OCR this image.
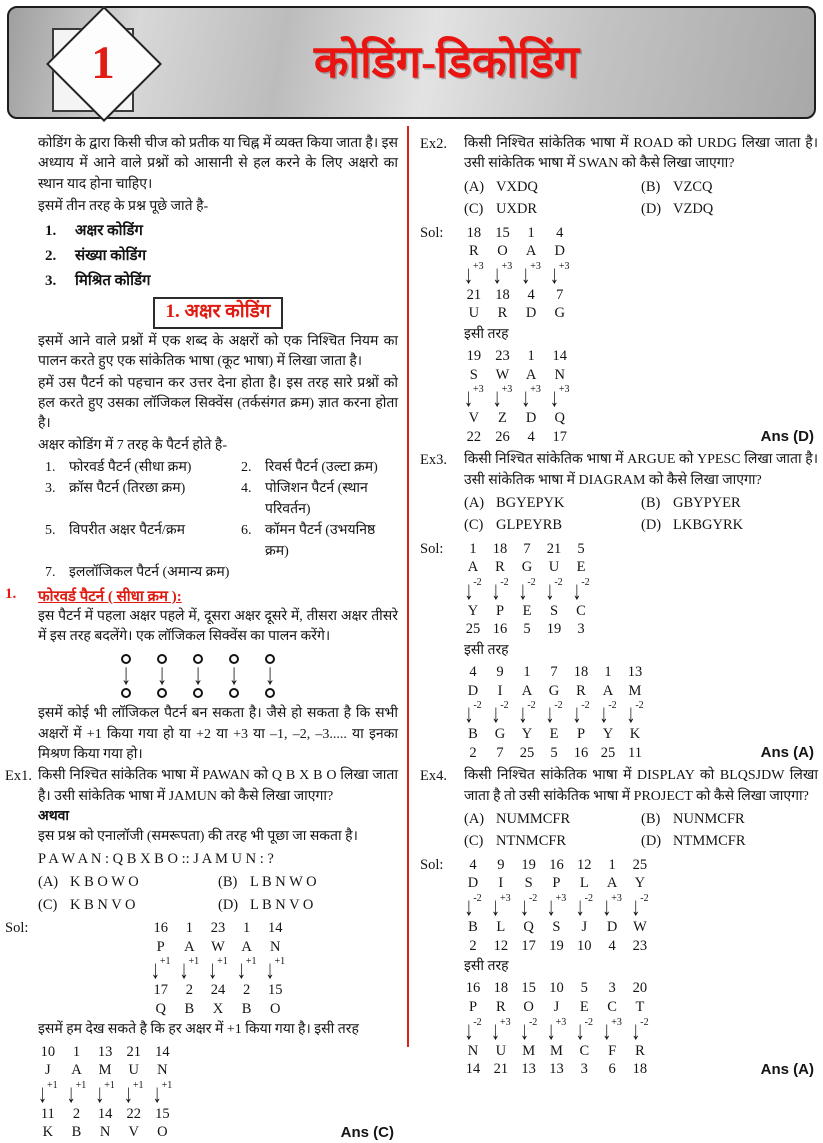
1	कोडिंग-डिकोडिंग
कोडिंग के द्वारा किसी चीज को प्रतीक या चिह्न में व्यक्त किया जाता है। इस अध्याय में आने वाले प्रश्नों को आसानी से हल करने के लिए अक्षरो का स्थान याद होना चाहिए।
इसमें तीन तरह के प्रश्न पूछे जाते है-
1.	अक्षर कोडिंग
2.	संख्या कोडिंग
3.	मिश्रित कोडिंग
1. अक्षर कोडिंग
इसमें आने वाले प्रश्नों में एक शब्द के अक्षरों को एक निश्चित नियम का पालन करते हुए एक सांकेतिक भाषा (कूट भाषा) में लिखा जाता है।
हमें उस पैटर्न को पहचान कर उत्तर देना होता है। इस तरह सारे प्रश्नों को हल करते हुए उसका लॉजिकल सिक्वेंस (तर्कसंगत क्रम) ज्ञात करना होता है।
अक्षर कोडिंग में 7 तरह के पैटर्न होते है-
1. फोरवर्ड पैटर्न (सीधा क्रम)	2. रिवर्स पैटर्न (उल्टा क्रम)
3. क्रॉस पैटर्न (तिरछा क्रम)	4. पोजिशन पैटर्न (स्थान परिवर्तन)
5. विपरीत अक्षर पैटर्न/क्रम	6. कॉमन पैटर्न (उभयनिष्ठ क्रम)
7. इललॉजिकल पैटर्न (अमान्य क्रम)
1.	फोरवर्ड पैटर्न ( सीधा क्रम ):
इस पैटर्न में पहला अक्षर पहले में, दूसरा अक्षर दूसरे में, तीसरा अक्षर तीसरे में इस तरह बदलेंगे। एक लॉजिकल सिक्वेंस का पालन करेंगे।
↓ ↓ ↓ ↓ ↓
इसमें कोई भी लॉजिकल पैटर्न बन सकता है। जैसे हो सकता है कि सभी अक्षरों में +1 किया गया हो या +2 या +3 या –1, –2, –3..... या इनका मिश्रण किया गया हो।
Ex1. किसी निश्चित सांकेतिक भाषा में PAWAN को Q B X B O लिखा जाता है। उसी सांकेतिक भाषा में JAMUN को कैसे लिखा जाएगा?
अथवा
इस प्रश्न को एनालॉजी (समरूपता) की तरह भी पूछा जा सकता है।
P A W A N : Q B X B O :: J A M U N : ?
(A) K B O W O	(B) L B N W O
(C) K B N V O	(D) L B N V O
Sol:	16	1	23	1	14
P	A	W	A	N
↓ +1 ↓ +1 ↓ +1 ↓ +1 ↓ +1
17	2	24	2	15
Q	B	X	B	O
इसमें हम देख सकते है कि हर अक्षर में +1 किया गया है। इसी तरह
10	1	13 21 14
J	A	M	U	N
↓ +1 ↓ +1 ↓ +1 ↓ +1 ↓ +1
11	2	14 22 15
K	B	N	V	O	Ans (C)
Ex2.	किसी निश्चित सांकेतिक भाषा में ROAD को URDG लिखा जाता है। उसी सांकेतिक भाषा में SWAN को कैसे लिखा जाएगा?
(A) VXDQ	(B) VZCQ
(C) UXDR	(D) VZDQ
Sol:	18 15	1	4
R	O	A	D
↓ +3 ↓ +3 ↓ +3 ↓ +3
21 18	4	7
U	R	D	G
इसी तरह
19 23	1	14
S	W	A	N
↓ +3 ↓ +3 ↓ +3 ↓ +3
V	Z	D	Q
22 26	4	17	Ans (D)
Ex3.	किसी निश्चित सांकेतिक भाषा में ARGUE को YPESC लिखा जाता है। उसी सांकेतिक भाषा में DIAGRAM को कैसे लिखा जाएगा?
(A) BGYEPYK	(B) GBYPYER
(C) GLPEYRB	(D) LKBGYRK
Sol:	1	18	7	21	5
A R G U	E
↓ -2 ↓ -2 ↓ -2 ↓ -2 ↓ -2
Y	P	E	S	C
25 16	5	19	3
इसी तरह
4	9	1	7	18	1	13
D	I	A G R A M
↓ -2 ↓ -2 ↓ -2 ↓ -2 ↓ -2 ↓ -2 ↓ -2
B G Y	E	P	Y K
2	7	25	5	16 25 11	Ans (A)
Ex4.	किसी निश्चित सांकेतिक भाषा में DISPLAY को BLQSJDW लिखा जाता है तो उसी सांकेतिक भाषा में PROJECT को कैसे लिखा जाएगा?
(A) NUMMCFR	(B) NUNMCFR
(C) NTNMCFR	(D) NTMMCFR
Sol:	4	9	19 16 12	1	25
D	I	S	P	L	A	Y
↓ -2 ↓ +3 ↓ -2 ↓ +3 ↓ -2 ↓ +3 ↓ -2
B	L	Q	S	J	D	W
2	12 17 19 10	4	23
इसी तरह
16 18 15 10	5	3	20
P	R	O	J	E	C	T
↓ -2 ↓ +3 ↓ -2 ↓ +3 ↓ -2 ↓ +3 ↓ -2
N	U	M M C	F	R
14 21 13 13	3	6	18	Ans (A)
